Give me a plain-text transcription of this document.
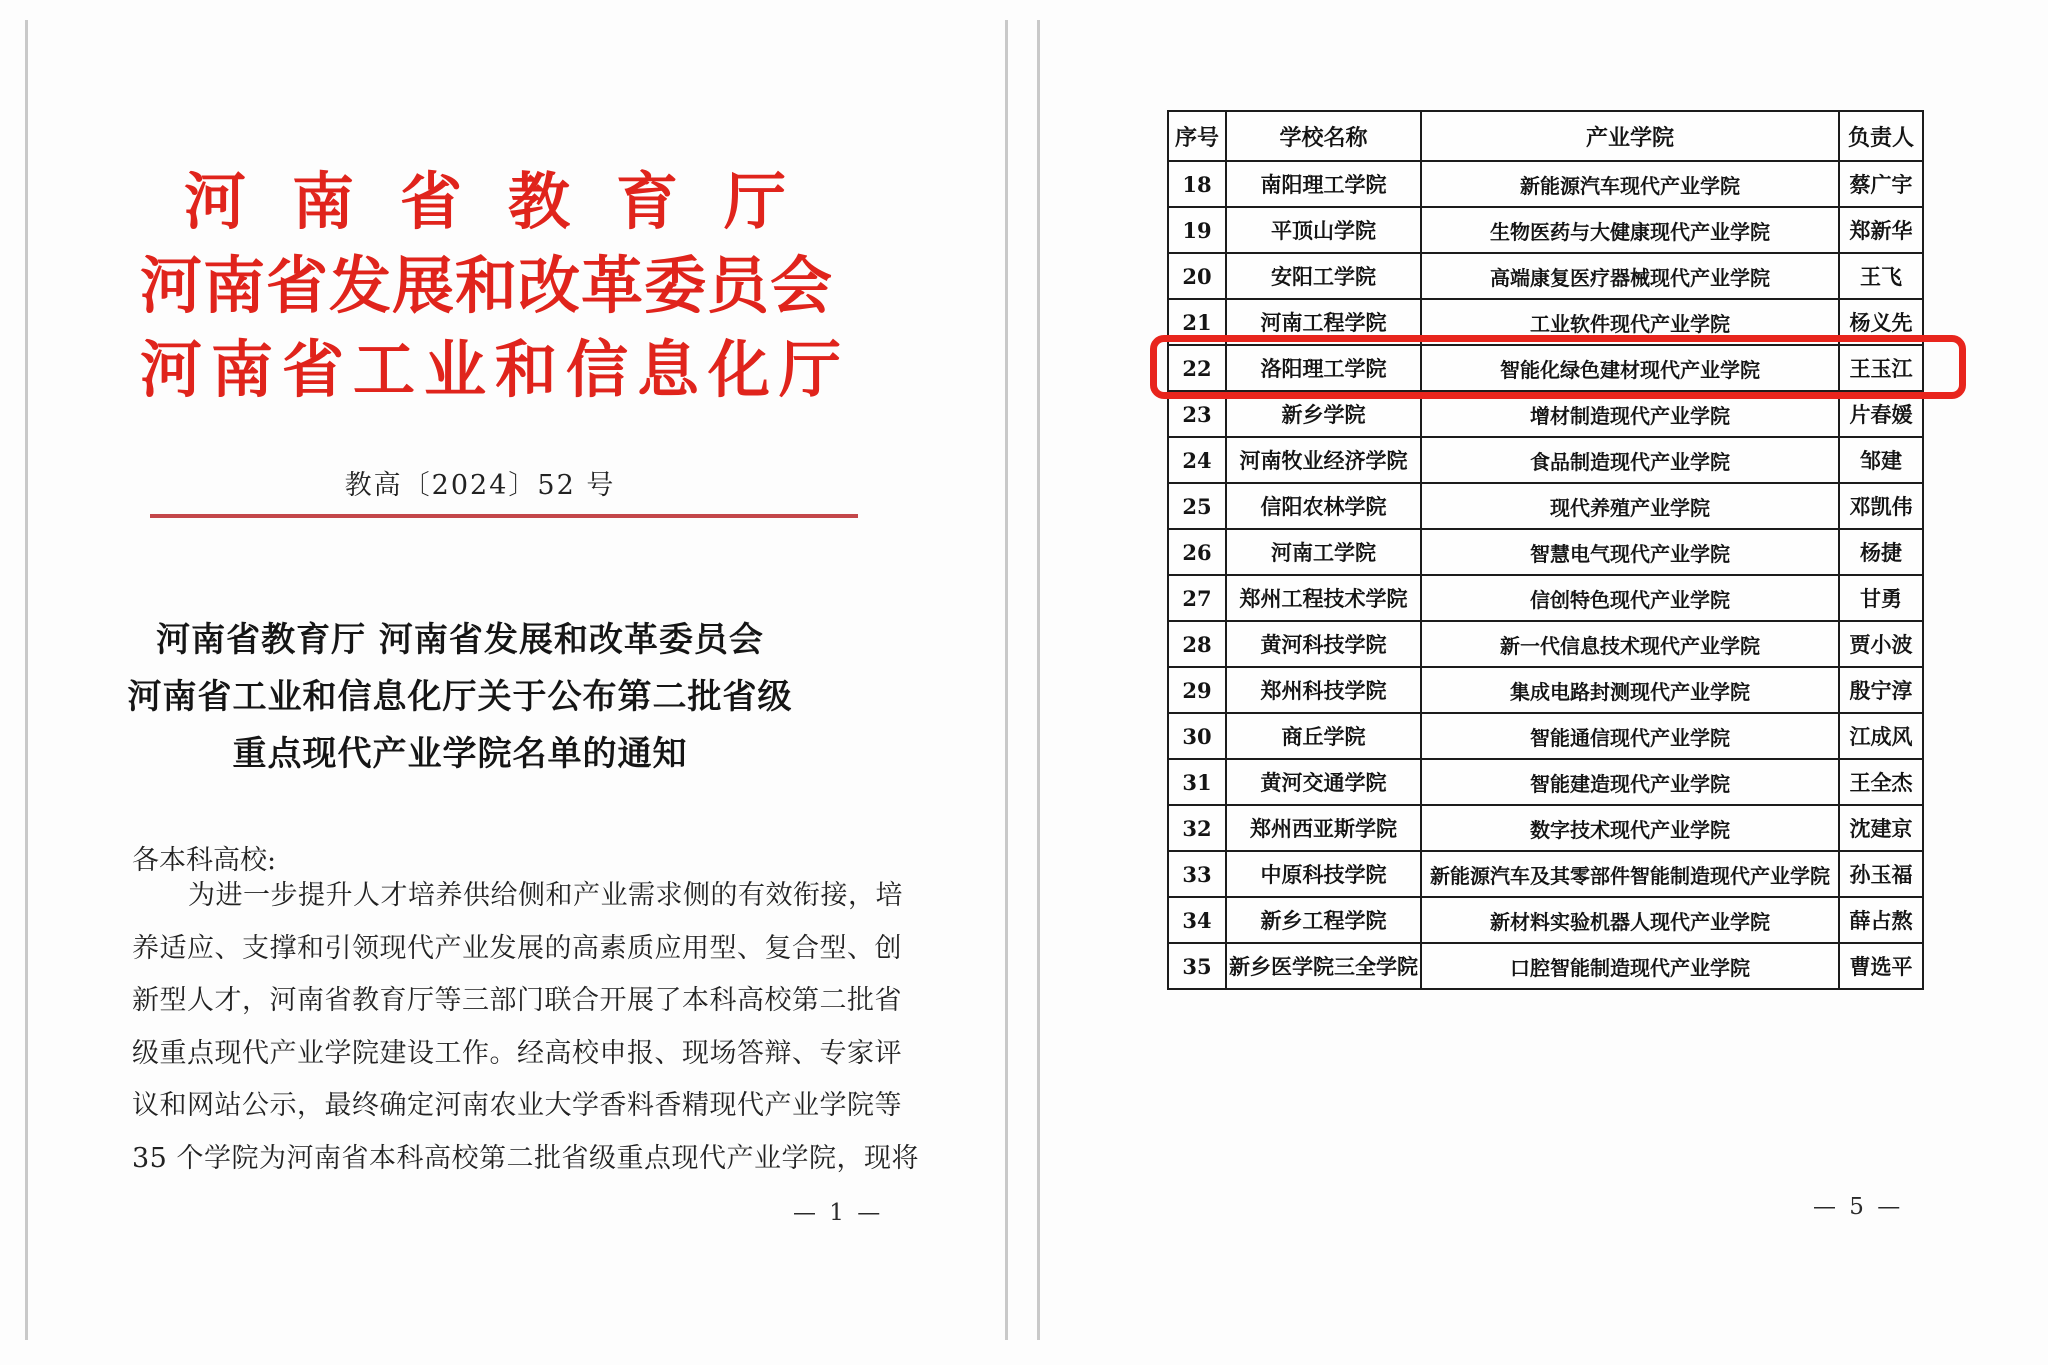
河南省教育厅
河南省发展和改革委员会
河南省工业和信息化厅
教高〔2024〕52 号
河南省教育厅 河南省发展和改革委员会
河南省工业和信息化厅关于公布第二批省级
重点现代产业学院名单的通知
各本科高校:
为进一步提升人才培养供给侧和产业需求侧的有效衔接，培
养适应、支撑和引领现代产业发展的高素质应用型、复合型、创
新型人才，河南省教育厅等三部门联合开展了本科高校第二批省
级重点现代产业学院建设工作。经高校申报、现场答辩、专家评
议和网站公示，最终确定河南农业大学香料香精现代产业学院等
35 个学院为河南省本科高校第二批省级重点现代产业学院，现将
— 1 —
序号	学校名称	产业学院	负责人
18	南阳理工学院	新能源汽车现代产业学院	蔡广宇
19	平顶山学院	生物医药与大健康现代产业学院	郑新华
20	安阳工学院	高端康复医疗器械现代产业学院	王飞
21	河南工程学院	工业软件现代产业学院	杨义先
22	洛阳理工学院	智能化绿色建材现代产业学院	王玉江
23	新乡学院	增材制造现代产业学院	片春媛
24	河南牧业经济学院	食品制造现代产业学院	邹建
25	信阳农林学院	现代养殖产业学院	邓凯伟
26	河南工学院	智慧电气现代产业学院	杨捷
27	郑州工程技术学院	信创特色现代产业学院	甘勇
28	黄河科技学院	新一代信息技术现代产业学院	贾小波
29	郑州科技学院	集成电路封测现代产业学院	殷宁淳
30	商丘学院	智能通信现代产业学院	江成风
31	黄河交通学院	智能建造现代产业学院	王全杰
32	郑州西亚斯学院	数字技术现代产业学院	沈建京
33	中原科技学院	新能源汽车及其零部件智能制造现代产业学院	孙玉福
34	新乡工程学院	新材料实验机器人现代产业学院	薛占熬
35	新乡医学院三全学院	口腔智能制造现代产业学院	曹选平
— 5 —
